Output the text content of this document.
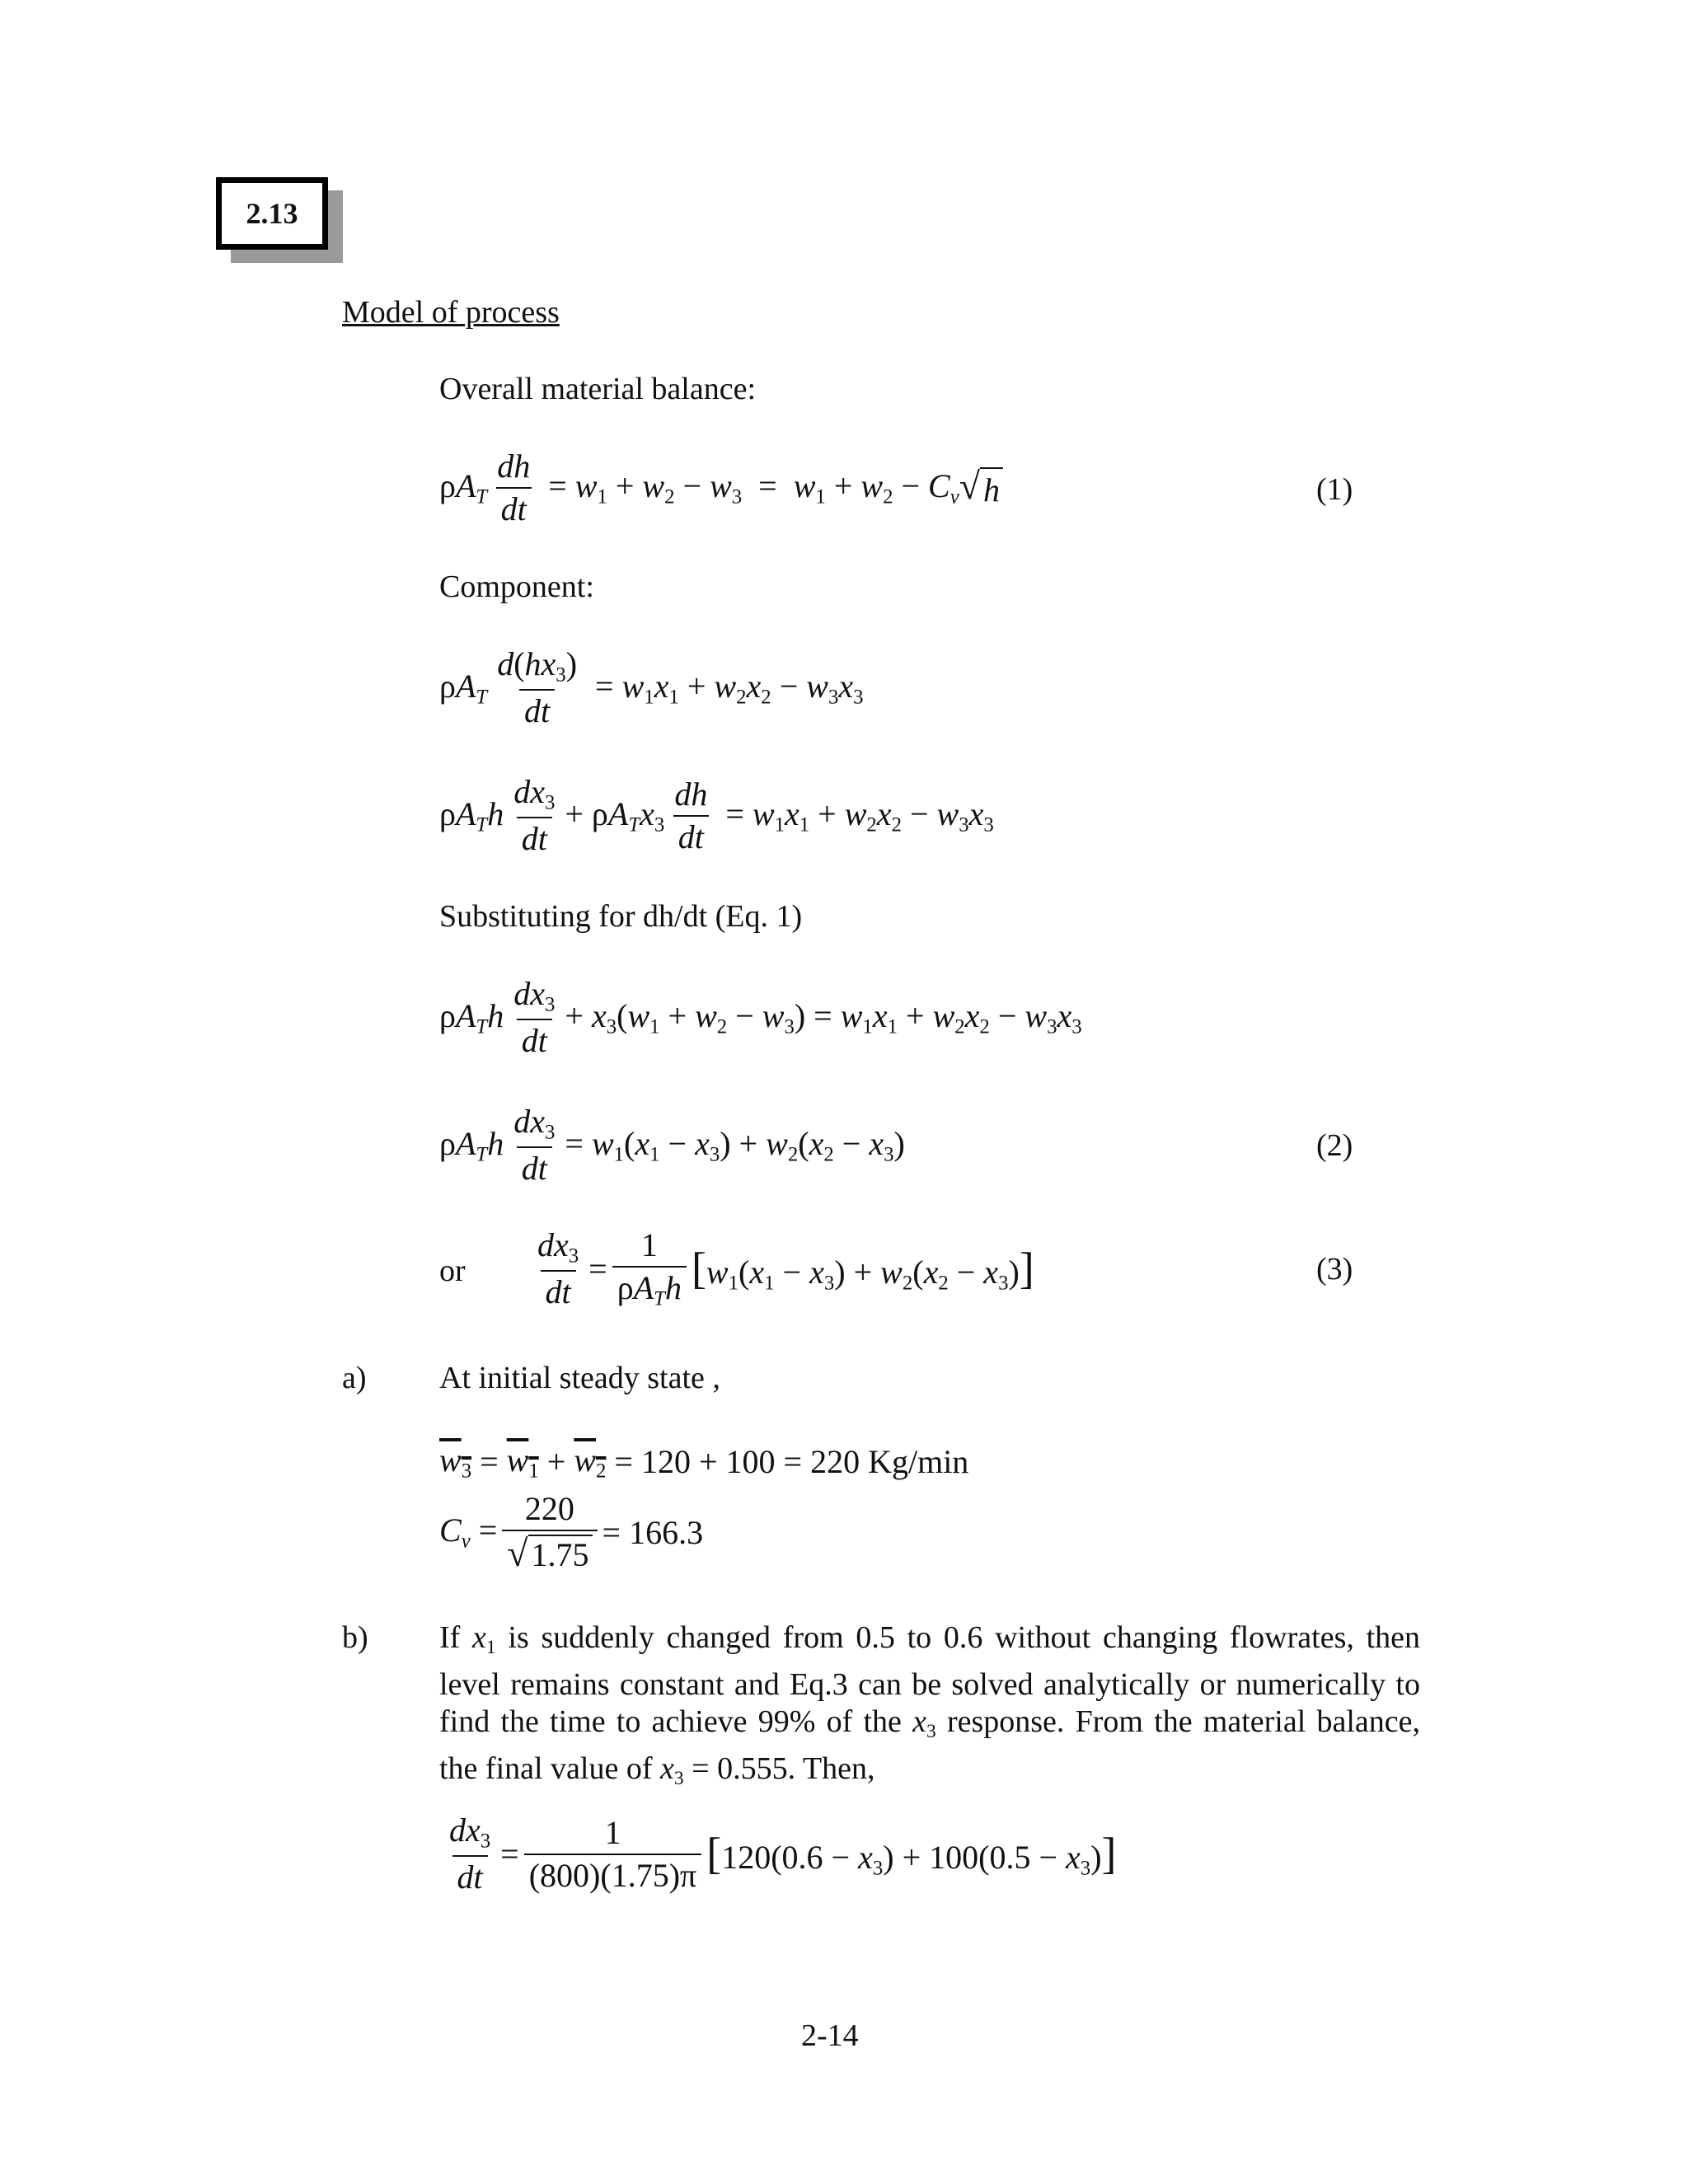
2.13
Model of process
Overall material balance:
$\rho A_T \frac{dh}{dt} = w_1 + w_2 - w_3 = w_1 + w_2 - C_v$ √ h	(1)
Component:
$\rho A_T \frac{d(hx_3)}{dt} = w_1x_1 + w_2x_2 - w_3x_3$
$\rho A_Th \frac{dx_3}{dt} + \rho A_Tx_3 \frac{dh}{dt} = w_1x_1 + w_2x_2 - w_3x_3$
Substituting for dh/dt (Eq. 1)
$\rho A_Th \frac{dx_3}{dt} + x_3(w_1 + w_2 - w_3) = w_1x_1 + w_2x_2 - w_3x_3$
$\rho A_Th \frac{dx_3}{dt} = w_1(x_1 - x_3) + w_2(x_2 - x_3)$	(2)
or $\frac{dx_3}{dt} = \frac{1}{\rho A_Th} [w_1(x_1 - x_3) + w_2(x_2 - x_3)]$	(3)
a) At initial steady state ,
$w_3 = w_1 + w_2$
= 120 + 100 = 220 Kg/min
$C_v = \frac{220}{√ 1.75} = 166.3$
b) If $x_1$ is suddenly changed from 0.5 to 0.6 without changing flowrates, then level remains constant and Eq.3 can be solved analytically or numerically to find the time to achieve 99% of the $x_3$ response. From the material balance, the final value of $x_3 = 0.555$. Then,
$\frac{dx_3}{dt} = \frac{1}{(800)(1.75)\pi} [120(0.6 - x_3) + 100(0.5 - x_3)]$
2-14
